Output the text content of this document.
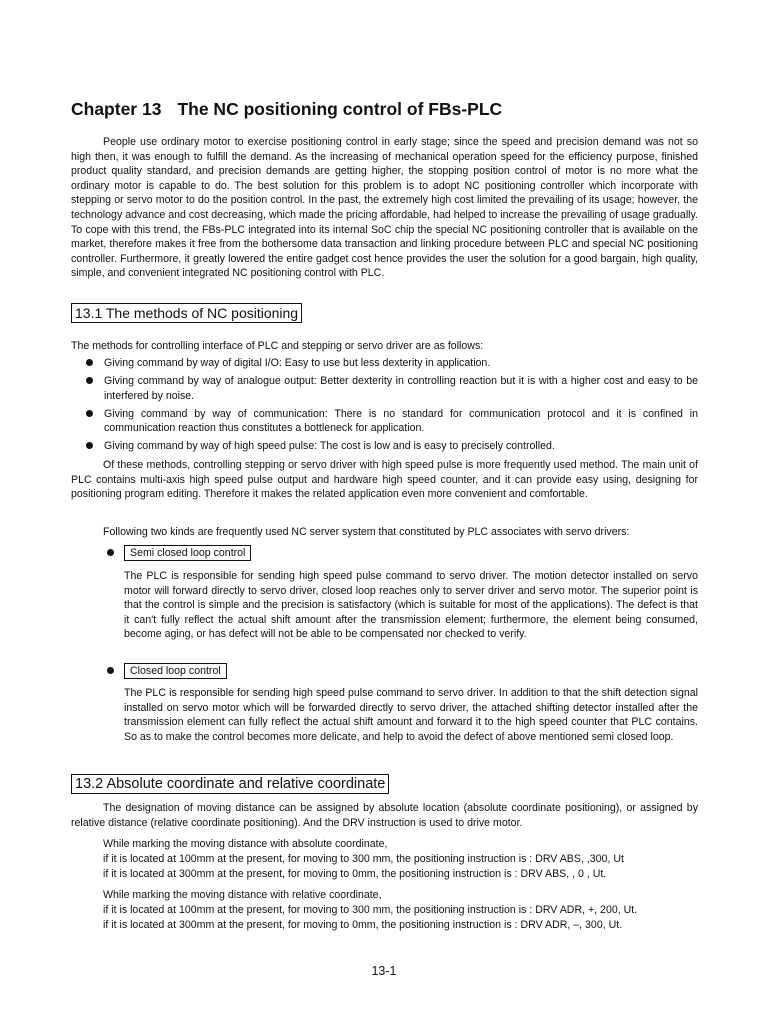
Chapter 13 The NC positioning control of FBs-PLC
People use ordinary motor to exercise positioning control in early stage; since the speed and precision demand was not so high then, it was enough to fulfill the demand. As the increasing of mechanical operation speed for the efficiency purpose, finished product quality standard, and precision demands are getting higher, the stopping position control of motor is no more what the ordinary motor is capable to do. The best solution for this problem is to adopt NC positioning controller which incorporate with stepping or servo motor to do the position control. In the past, the extremely high cost limited the prevailing of its usage; however, the technology advance and cost decreasing, which made the pricing affordable, had helped to increase the prevailing of usage gradually. To cope with this trend, the FBs-PLC integrated into its internal SoC chip the special NC positioning controller that is available on the market, therefore makes it free from the bothersome data transaction and linking procedure between PLC and special NC positioning controller. Furthermore, it greatly lowered the entire gadget cost hence provides the user the solution for a good bargain, high quality, simple, and convenient integrated NC positioning control with PLC.
13.1 The methods of NC positioning
The methods for controlling interface of PLC and stepping or servo driver are as follows:
Giving command by way of digital I/O: Easy to use but less dexterity in application.
Giving command by way of analogue output: Better dexterity in controlling reaction but it is with a higher cost and easy to be interfered by noise.
Giving command by way of communication: There is no standard for communication protocol and it is confined in communication reaction thus constitutes a bottleneck for application.
Giving command by way of high speed pulse: The cost is low and is easy to precisely controlled.
Of these methods, controlling stepping or servo driver with high speed pulse is more frequently used method. The main unit of PLC contains multi-axis high speed pulse output and hardware high speed counter, and it can provide easy using, designing for positioning program editing. Therefore it makes the related application even more convenient and comfortable.
Following two kinds are frequently used NC server system that constituted by PLC associates with servo drivers:
Semi closed loop control
The PLC is responsible for sending high speed pulse command to servo driver. The motion detector installed on servo motor will forward directly to servo driver, closed loop reaches only to server driver and servo motor. The superior point is that the control is simple and the precision is satisfactory (which is suitable for most of the applications). The defect is that it can't fully reflect the actual shift amount after the transmission element; furthermore, the element being consumed, become aging, or has defect will not be able to be compensated nor checked to verify.
Closed loop control
The PLC is responsible for sending high speed pulse command to servo driver. In addition to that the shift detection signal installed on servo motor which will be forwarded directly to servo driver, the attached shifting detector installed after the transmission element can fully reflect the actual shift amount and forward it to the high speed counter that PLC contains. So as to make the control becomes more delicate, and help to avoid the defect of above mentioned semi closed loop.
13.2 Absolute coordinate and relative coordinate
The designation of moving distance can be assigned by absolute location (absolute coordinate positioning), or assigned by relative distance (relative coordinate positioning). And the DRV instruction is used to drive motor.
While marking the moving distance with absolute coordinate,
if it is located at 100mm at the present, for moving to 300 mm, the positioning instruction is : DRV ABS, ,300, Ut
if it is located at 300mm at the present, for moving to 0mm, the positioning instruction is : DRV ABS, , 0 , Ut.
While marking the moving distance with relative coordinate,
if it is located at 100mm at the present, for moving to 300 mm, the positioning instruction is : DRV ADR, +, 200, Ut.
if it is located at 300mm at the present, for moving to 0mm, the positioning instruction is : DRV ADR, –, 300, Ut.
13-1
